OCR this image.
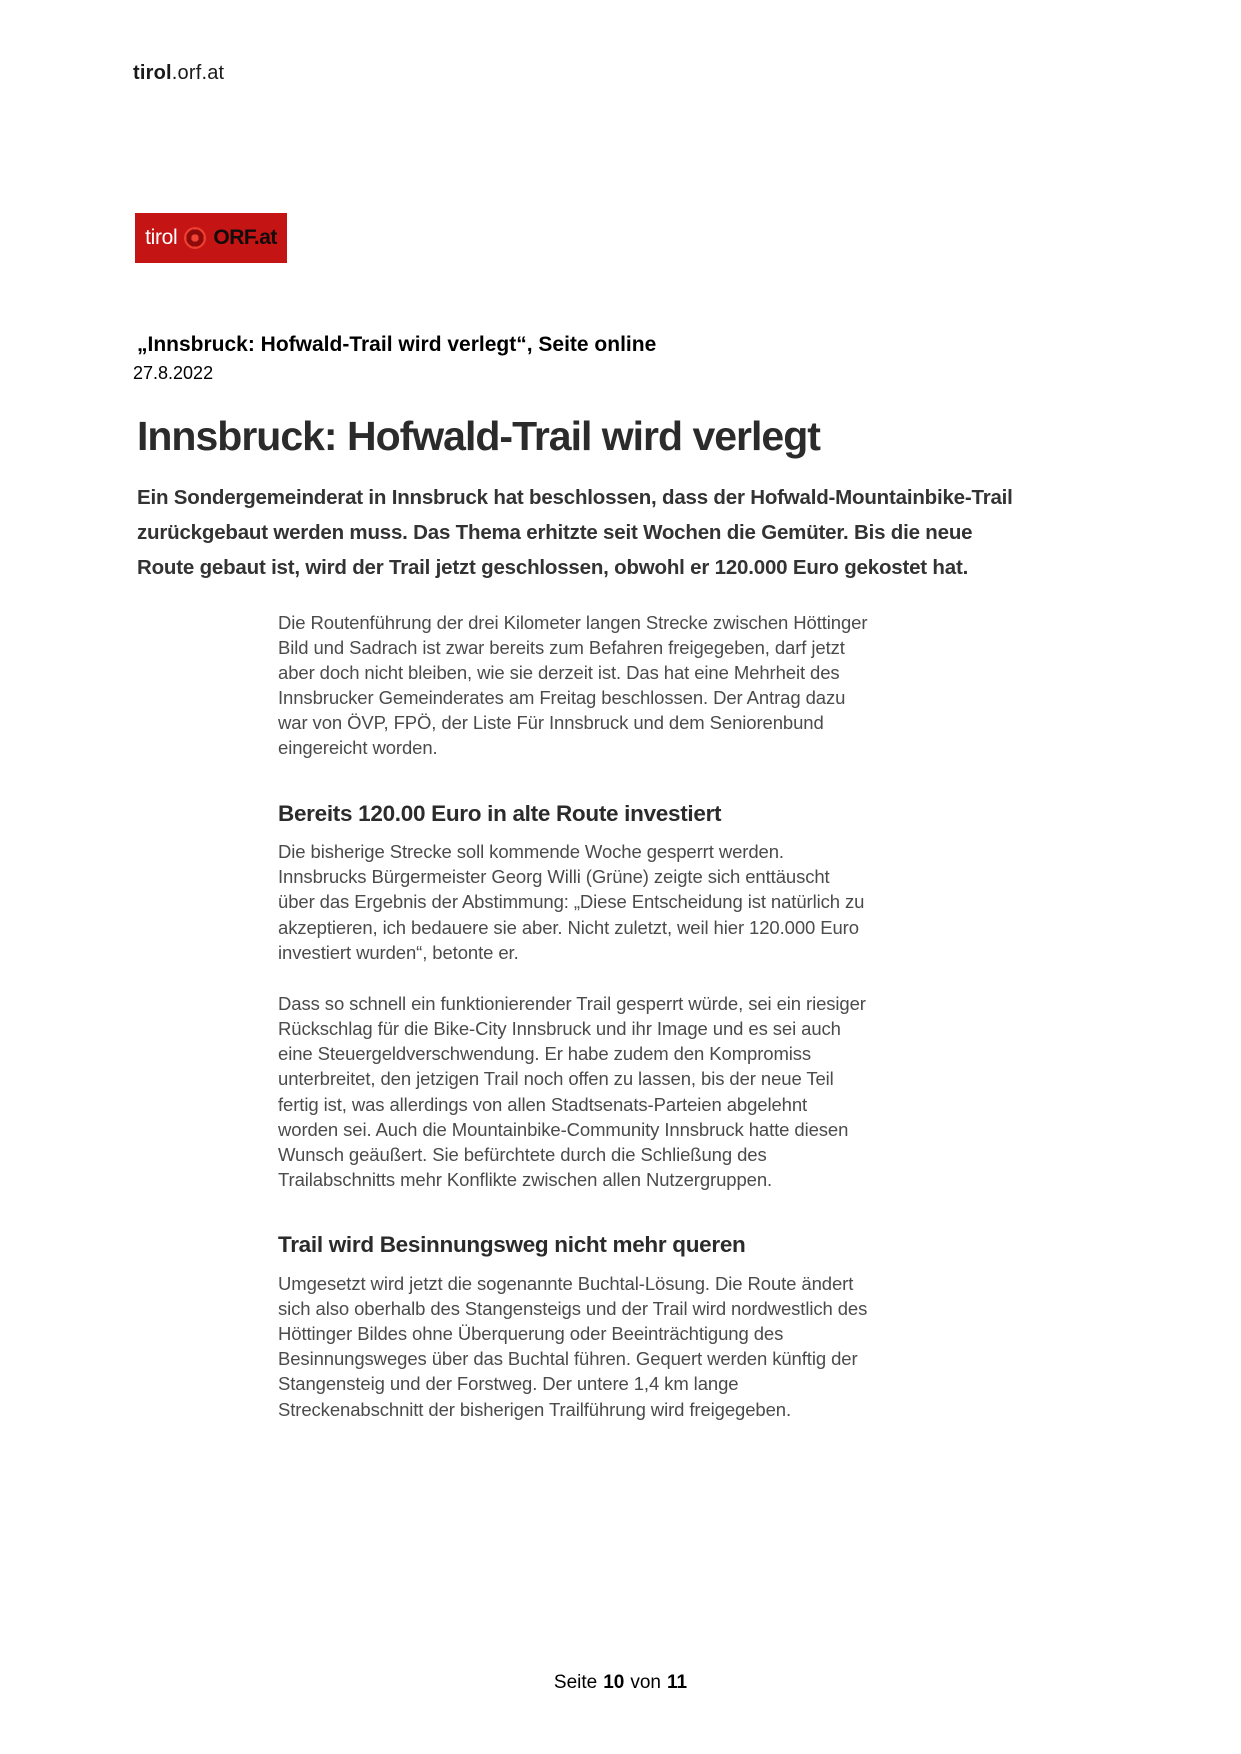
tirol.orf.at
tirol ORF.at
„Innsbruck: Hofwald-Trail wird verlegt“, Seite online
27.8.2022
Innsbruck: Hofwald-Trail wird verlegt

Ein Sondergemeinderat in Innsbruck hat beschlossen, dass der Hofwald-Mountainbike-Trail zurückgebaut werden muss. Das Thema erhitzte seit Wochen die Gemüter. Bis die neue Route gebaut ist, wird der Trail jetzt geschlossen, obwohl er 120.000 Euro gekostet hat.

Die Routenführung der drei Kilometer langen Strecke zwischen Höttinger Bild und Sadrach ist zwar bereits zum Befahren freigegeben, darf jetzt aber doch nicht bleiben, wie sie derzeit ist. Das hat eine Mehrheit des Innsbrucker Gemeinderates am Freitag beschlossen. Der Antrag dazu war von ÖVP, FPÖ, der Liste Für Innsbruck und dem Seniorenbund eingereicht worden.

Bereits 120.00 Euro in alte Route investiert

Die bisherige Strecke soll kommende Woche gesperrt werden. Innsbrucks Bürgermeister Georg Willi (Grüne) zeigte sich enttäuscht über das Ergebnis der Abstimmung: „Diese Entscheidung ist natürlich zu akzeptieren, ich bedauere sie aber. Nicht zuletzt, weil hier 120.000 Euro investiert wurden“, betonte er.

Dass so schnell ein funktionierender Trail gesperrt würde, sei ein riesiger Rückschlag für die Bike-City Innsbruck und ihr Image und es sei auch eine Steuergeldverschwendung. Er habe zudem den Kompromiss unterbreitet, den jetzigen Trail noch offen zu lassen, bis der neue Teil fertig ist, was allerdings von allen Stadtsenats-Parteien abgelehnt worden sei. Auch die Mountainbike-Community Innsbruck hatte diesen Wunsch geäußert. Sie befürchtete durch die Schließung des Trailabschnitts mehr Konflikte zwischen allen Nutzergruppen.

Trail wird Besinnungsweg nicht mehr queren

Umgesetzt wird jetzt die sogenannte Buchtal-Lösung. Die Route ändert sich also oberhalb des Stangensteigs und der Trail wird nordwestlich des Höttinger Bildes ohne Überquerung oder Beeinträchtigung des Besinnungsweges über das Buchtal führen. Gequert werden künftig der Stangensteig und der Forstweg. Der untere 1,4 km lange Streckenabschnitt der bisherigen Trailführung wird freigegeben.

Seite 10 von 11
